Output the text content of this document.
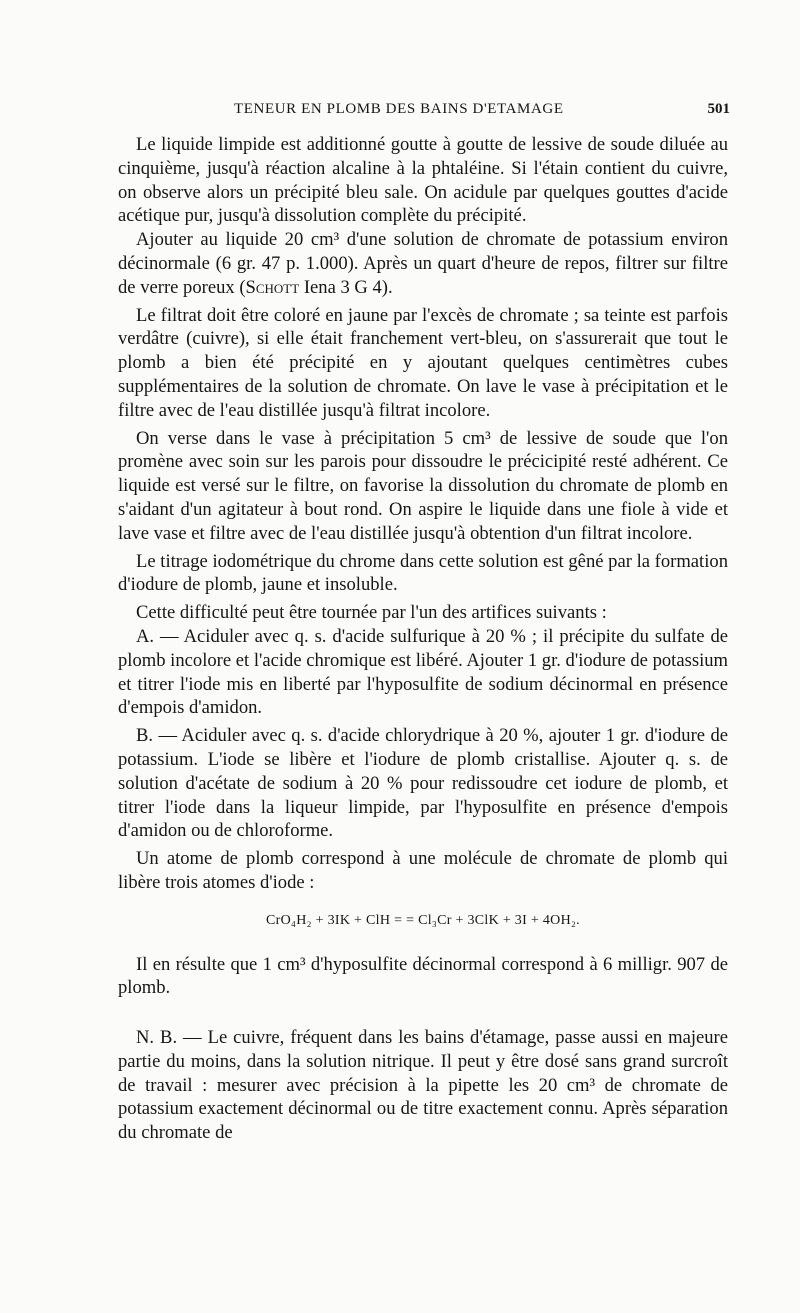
TENEUR EN PLOMB DES BAINS D'ETAMAGE	501

Le liquide limpide est additionné goutte à goutte de lessive de soude diluée au cinquième, jusqu'à réaction alcaline à la phtaléine. Si l'étain contient du cuivre, on observe alors un précipité bleu sale. On acidule par quelques gouttes d'acide acétique pur, jusqu'à dissolution complète du précipité.

Ajouter au liquide 20 cm³ d'une solution de chromate de potassium environ décinormale (6 gr. 47 p. 1.000). Après un quart d'heure de repos, filtrer sur filtre de verre poreux (Schott Iena 3 G 4).

Le filtrat doit être coloré en jaune par l'excès de chromate ; sa teinte est parfois verdâtre (cuivre), si elle était franchement vert-bleu, on s'assurerait que tout le plomb a bien été précipité en y ajoutant quelques centimètres cubes supplémentaires de la solution de chromate. On lave le vase à précipitation et le filtre avec de l'eau distillée jusqu'à filtrat incolore.

On verse dans le vase à précipitation 5 cm³ de lessive de soude que l'on promène avec soin sur les parois pour dissoudre le précicipité resté adhérent. Ce liquide est versé sur le filtre, on favorise la dissolution du chromate de plomb en s'aidant d'un agitateur à bout rond. On aspire le liquide dans une fiole à vide et lave vase et filtre avec de l'eau distillée jusqu'à obtention d'un filtrat incolore.

Le titrage iodométrique du chrome dans cette solution est gêné par la formation d'iodure de plomb, jaune et insoluble.

Cette difficulté peut être tournée par l'un des artifices suivants :

A. — Aciduler avec q. s. d'acide sulfurique à 20 % ; il précipite du sulfate de plomb incolore et l'acide chromique est libéré. Ajouter 1 gr. d'iodure de potassium et titrer l'iode mis en liberté par l'hyposulfite de sodium décinormal en présence d'empois d'amidon.

B. — Aciduler avec q. s. d'acide chlorydrique à 20 %, ajouter 1 gr. d'iodure de potassium. L'iode se libère et l'iodure de plomb cristallise. Ajouter q. s. de solution d'acétate de sodium à 20 % pour redissoudre cet iodure de plomb, et titrer l'iode dans la liqueur limpide, par l'hyposulfite en présence d'empois d'amidon ou de chloroforme.

Un atome de plomb correspond à une molécule de chromate de plomb qui libère trois atomes d'iode :

CrO₄H₂ + 3IK + ClH = = Cl₃Cr + 3ClK + 3I + 4OH₂.

Il en résulte que 1 cm³ d'hyposulfite décinormal correspond à 6 milligr. 907 de plomb.

N. B. — Le cuivre, fréquent dans les bains d'étamage, passe aussi en majeure partie du moins, dans la solution nitrique. Il peut y être dosé sans grand surcroît de travail : mesurer avec précision à la pipette les 20 cm³ de chromate de potassium exactement décinormal ou de titre exactement connu. Après séparation du chromate de
